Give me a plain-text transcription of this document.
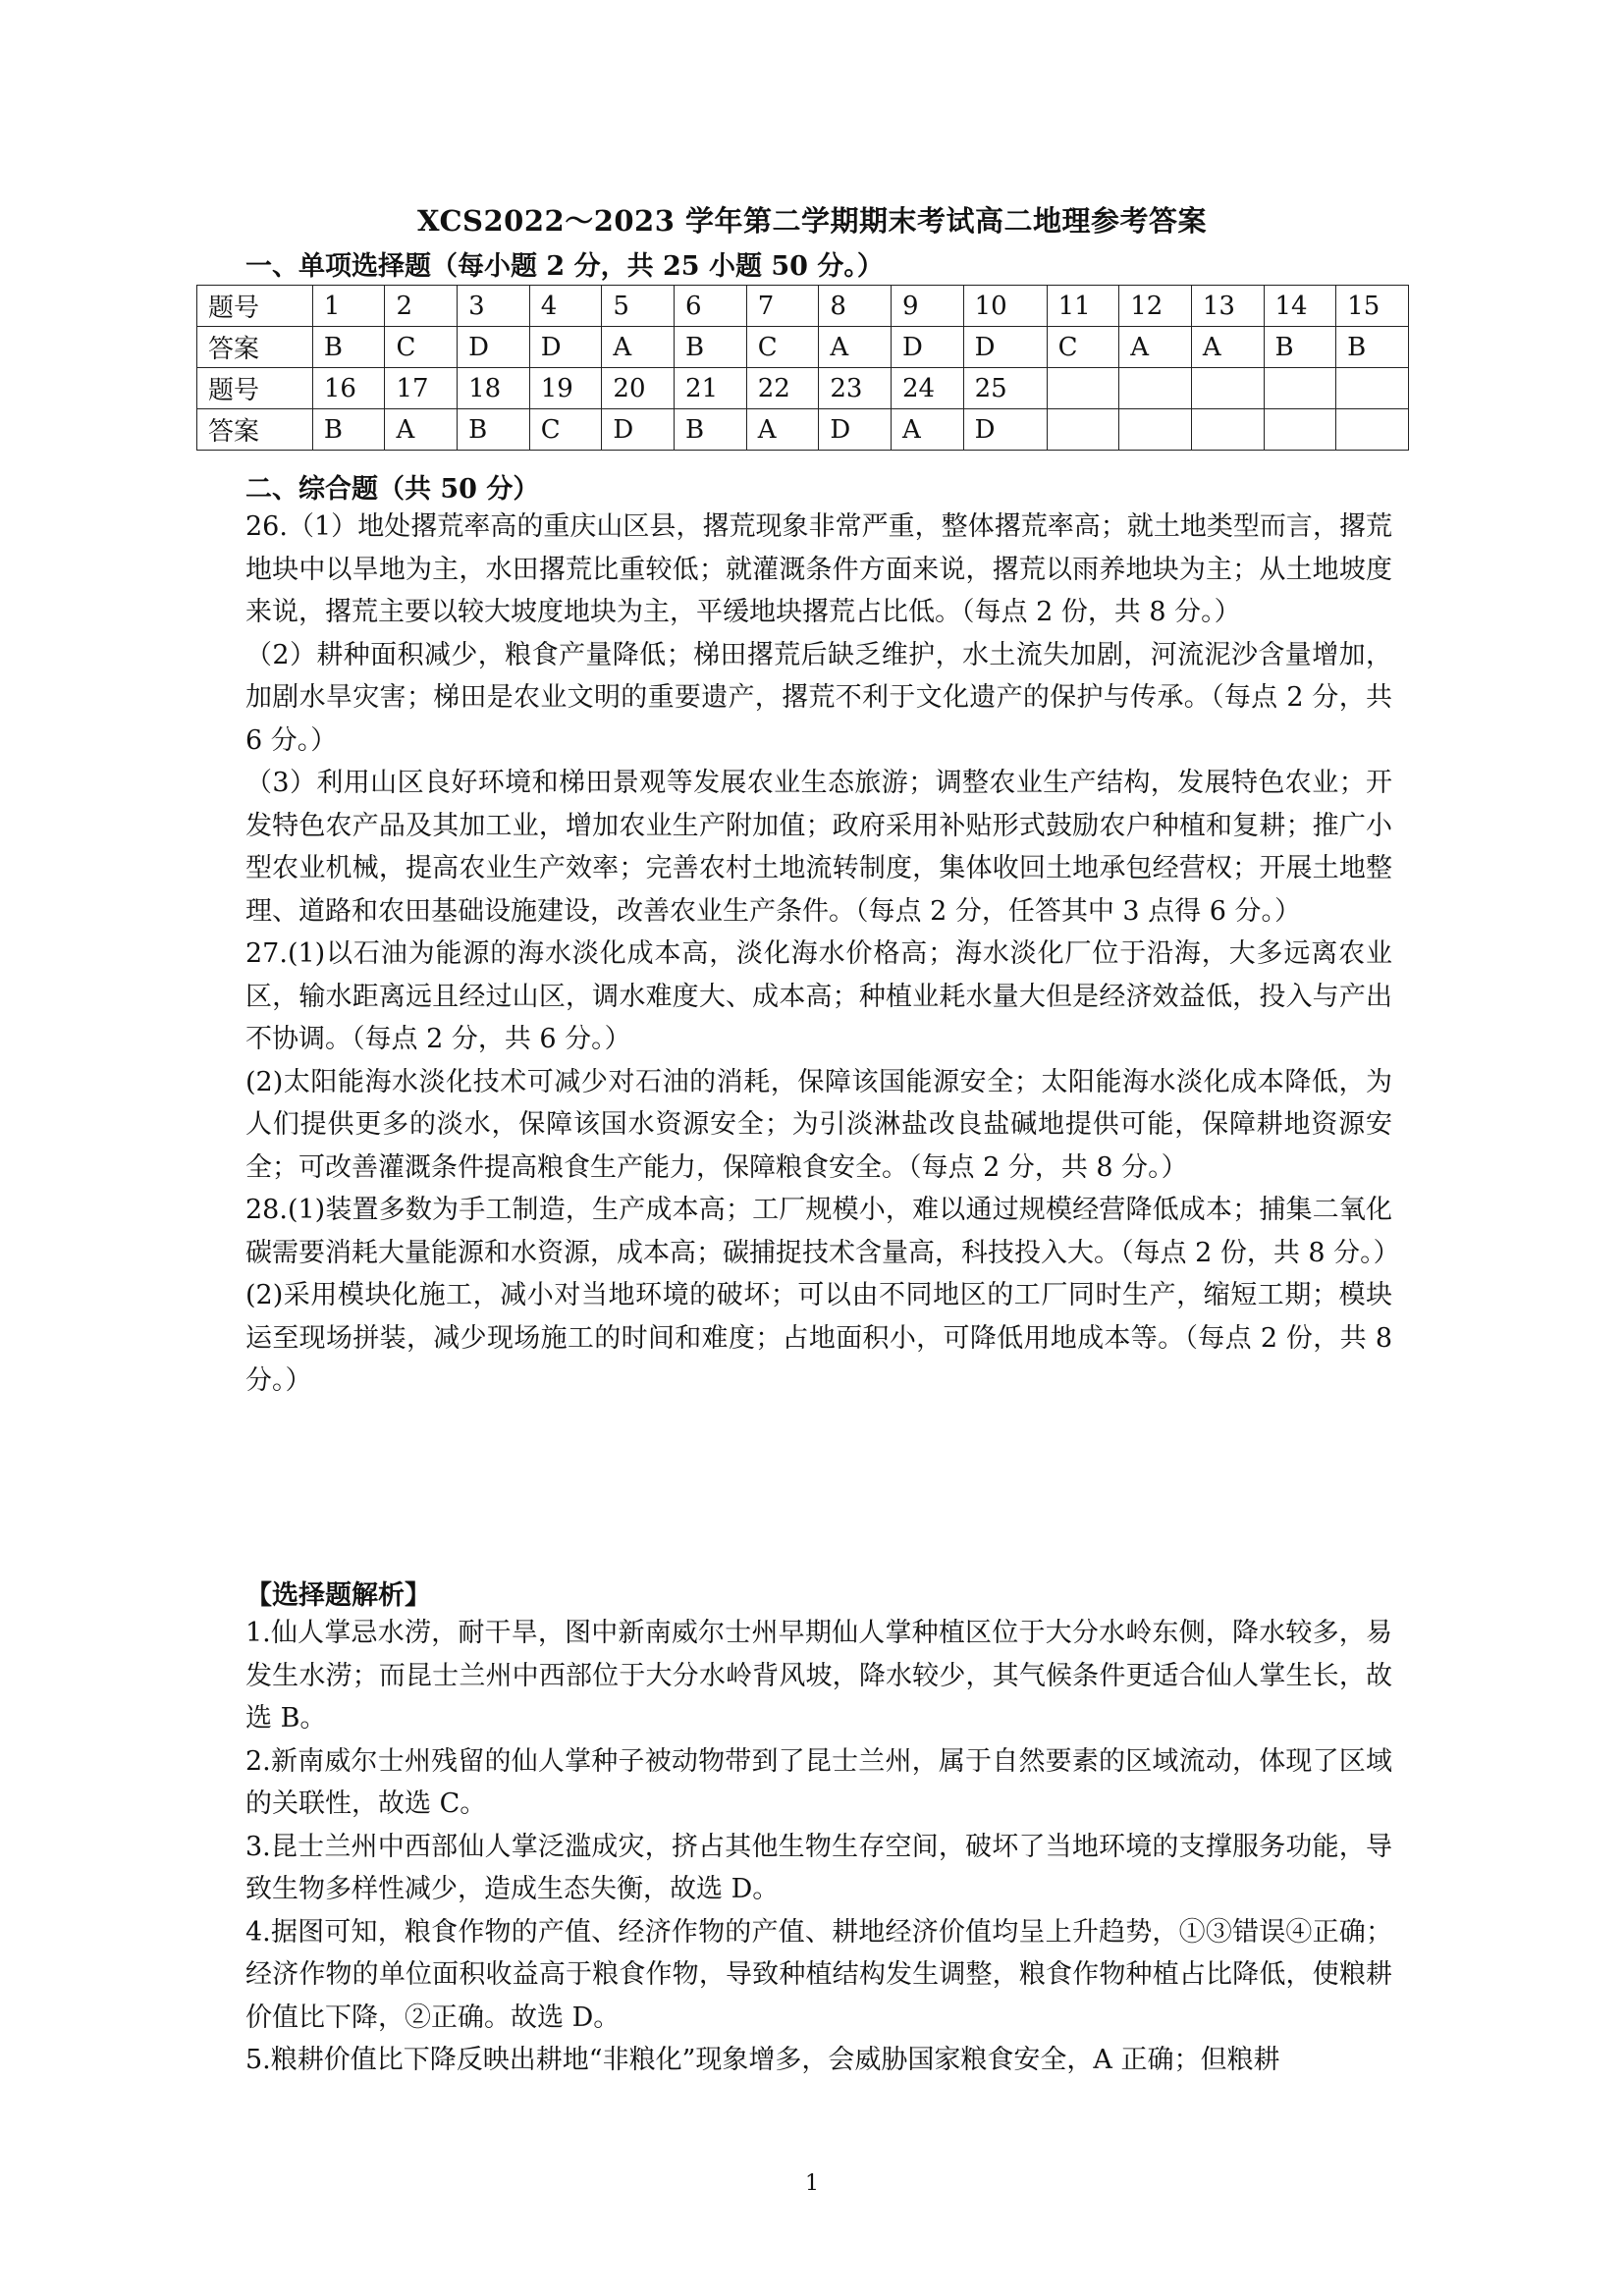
XCS2022～2023 学年第二学期期末考试高二地理参考答案
一、单项选择题（每小题 2 分，共 25 小题 50 分。）
题号	1	2	3	4	5	6	7	8	9	10	11	12	13	14	15
答案	B	C	D	D	A	B	C	A	D	D	C	A	A	B	B
题号	16	17	18	19	20	21	22	23	24	25					
答案	B	A	B	C	D	B	A	D	A	D					
二、综合题（共 50 分）

26.（1）地处撂荒率高的重庆山区县，撂荒现象非常严重，整体撂荒率高；就土地类型而言，撂荒地块中以旱地为主，水田撂荒比重较低；就灌溉条件方面来说，撂荒以雨养地块为主；从土地坡度来说，撂荒主要以较大坡度地块为主，平缓地块撂荒占比低。（每点 2 份，共 8 分。）

（2）耕种面积减少，粮食产量降低；梯田撂荒后缺乏维护，水土流失加剧，河流泥沙含量增加，加剧水旱灾害；梯田是农业文明的重要遗产，撂荒不利于文化遗产的保护与传承。（每点 2 分，共 6 分。）

（3）利用山区良好环境和梯田景观等发展农业生态旅游；调整农业生产结构，发展特色农业；开发特色农产品及其加工业，增加农业生产附加值；政府采用补贴形式鼓励农户种植和复耕；推广小型农业机械，提高农业生产效率；完善农村土地流转制度，集体收回土地承包经营权；开展土地整理、道路和农田基础设施建设，改善农业生产条件。（每点 2 分，任答其中 3 点得 6 分。）

27.(1)以石油为能源的海水淡化成本高，淡化海水价格高；海水淡化厂位于沿海，大多远离农业区，输水距离远且经过山区，调水难度大、成本高；种植业耗水量大但是经济效益低，投入与产出不协调。（每点 2 分，共 6 分。）

(2)太阳能海水淡化技术可减少对石油的消耗，保障该国能源安全；太阳能海水淡化成本降低，为人们提供更多的淡水，保障该国水资源安全；为引淡淋盐改良盐碱地提供可能，保障耕地资源安全；可改善灌溉条件提高粮食生产能力，保障粮食安全。（每点 2 分，共 8 分。）

28.(1)装置多数为手工制造，生产成本高；工厂规模小，难以通过规模经营降低成本；捕集二氧化碳需要消耗大量能源和水资源，成本高；碳捕捉技术含量高，科技投入大。（每点 2 份，共 8 分。）

(2)采用模块化施工，减小对当地环境的破坏；可以由不同地区的工厂同时生产，缩短工期；模块运至现场拼装，减少现场施工的时间和难度；占地面积小，可降低用地成本等。（每点 2 份，共 8 分。）

【选择题解析】

1.仙人掌忌水涝，耐干旱，图中新南威尔士州早期仙人掌种植区位于大分水岭东侧，降水较多，易发生水涝；而昆士兰州中西部位于大分水岭背风坡，降水较少，其气候条件更适合仙人掌生长，故选 B。

2.新南威尔士州残留的仙人掌种子被动物带到了昆士兰州，属于自然要素的区域流动，体现了区域的关联性，故选 C。

3.昆士兰州中西部仙人掌泛滥成灾，挤占其他生物生存空间，破坏了当地环境的支撑服务功能，导致生物多样性减少，造成生态失衡，故选 D。

4.据图可知，粮食作物的产值、经济作物的产值、耕地经济价值均呈上升趋势，①③错误④正确；经济作物的单位面积收益高于粮食作物，导致种植结构发生调整，粮食作物种植占比降低，使粮耕价值比下降，②正确。故选 D。

5.粮耕价值比下降反映出耕地“非粮化”现象增多，会威胁国家粮食安全，A 正确；但粮耕

1
